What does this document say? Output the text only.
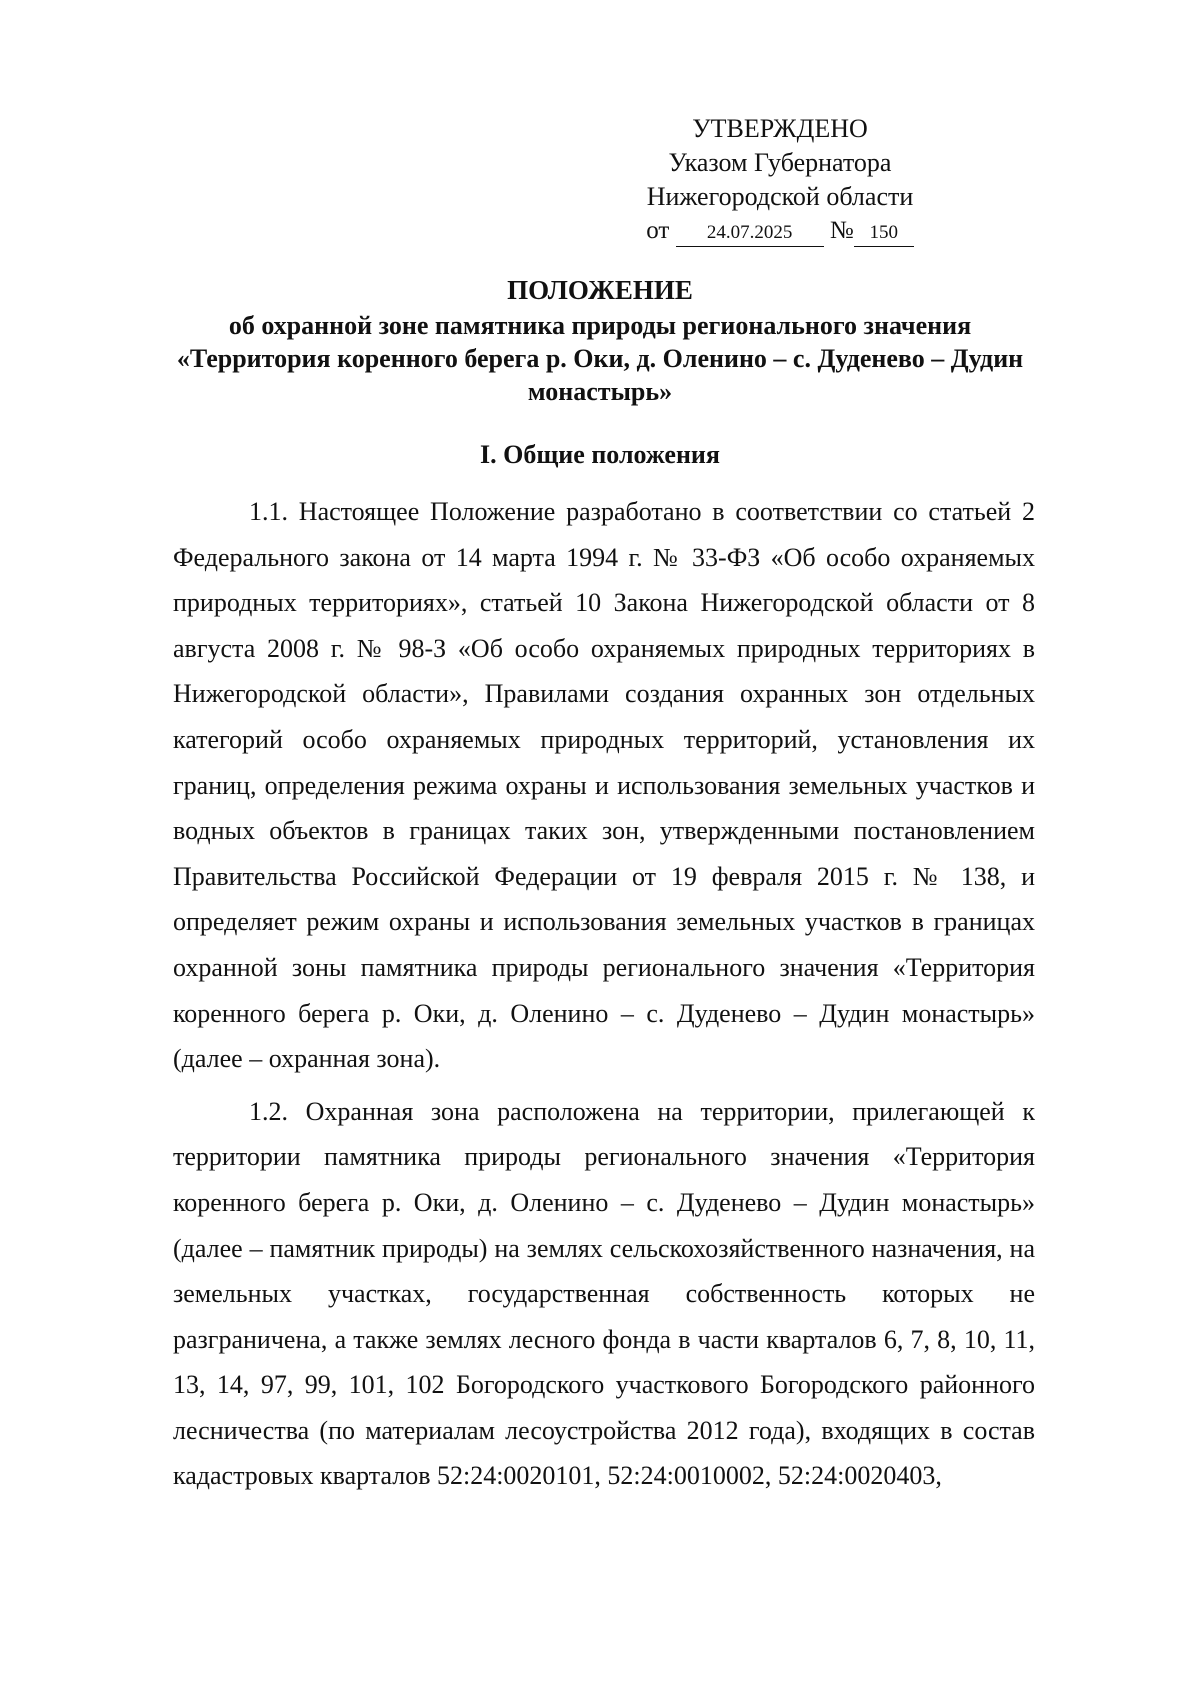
УТВЕРЖДЕНО
Указом Губернатора
Нижегородской области
от 24.07.2025 № 150
ПОЛОЖЕНИЕ
об охранной зоне памятника природы регионального значения
«Территория коренного берега р. Оки, д. Оленино – с. Дуденево – Дудин монастырь»
I. Общие положения

1.1. Настоящее Положение разработано в соответствии со статьей 2 Федерального закона от 14 марта 1994 г. № 33-ФЗ «Об особо охраняемых природных территориях», статьей 10 Закона Нижегородской области от 8 августа 2008 г. № 98-З «Об особо охраняемых природных территориях в Нижегородской области», Правилами создания охранных зон отдельных категорий особо охраняемых природных территорий, установления их границ, определения режима охраны и использования земельных участков и водных объектов в границах таких зон, утвержденными постановлением Правительства Российской Федерации от 19 февраля 2015 г. № 138, и определяет режим охраны и использования земельных участков в границах охранной зоны памятника природы регионального значения «Территория коренного берега р. Оки, д. Оленино – с. Дуденево – Дудин монастырь» (далее – охранная зона).

1.2. Охранная зона расположена на территории, прилегающей к территории памятника природы регионального значения «Территория коренного берега р. Оки, д. Оленино – с. Дуденево – Дудин монастырь» (далее – памятник природы) на землях сельскохозяйственного назначения, на земельных участках, государственная собственность которых не разграничена, а также землях лесного фонда в части кварталов 6, 7, 8, 10, 11, 13, 14, 97, 99, 101, 102 Богородского участкового Богородского районного лесничества (по материалам лесоустройства 2012 года), входящих в состав кадастровых кварталов 52:24:0020101, 52:24:0010002, 52:24:0020403,
